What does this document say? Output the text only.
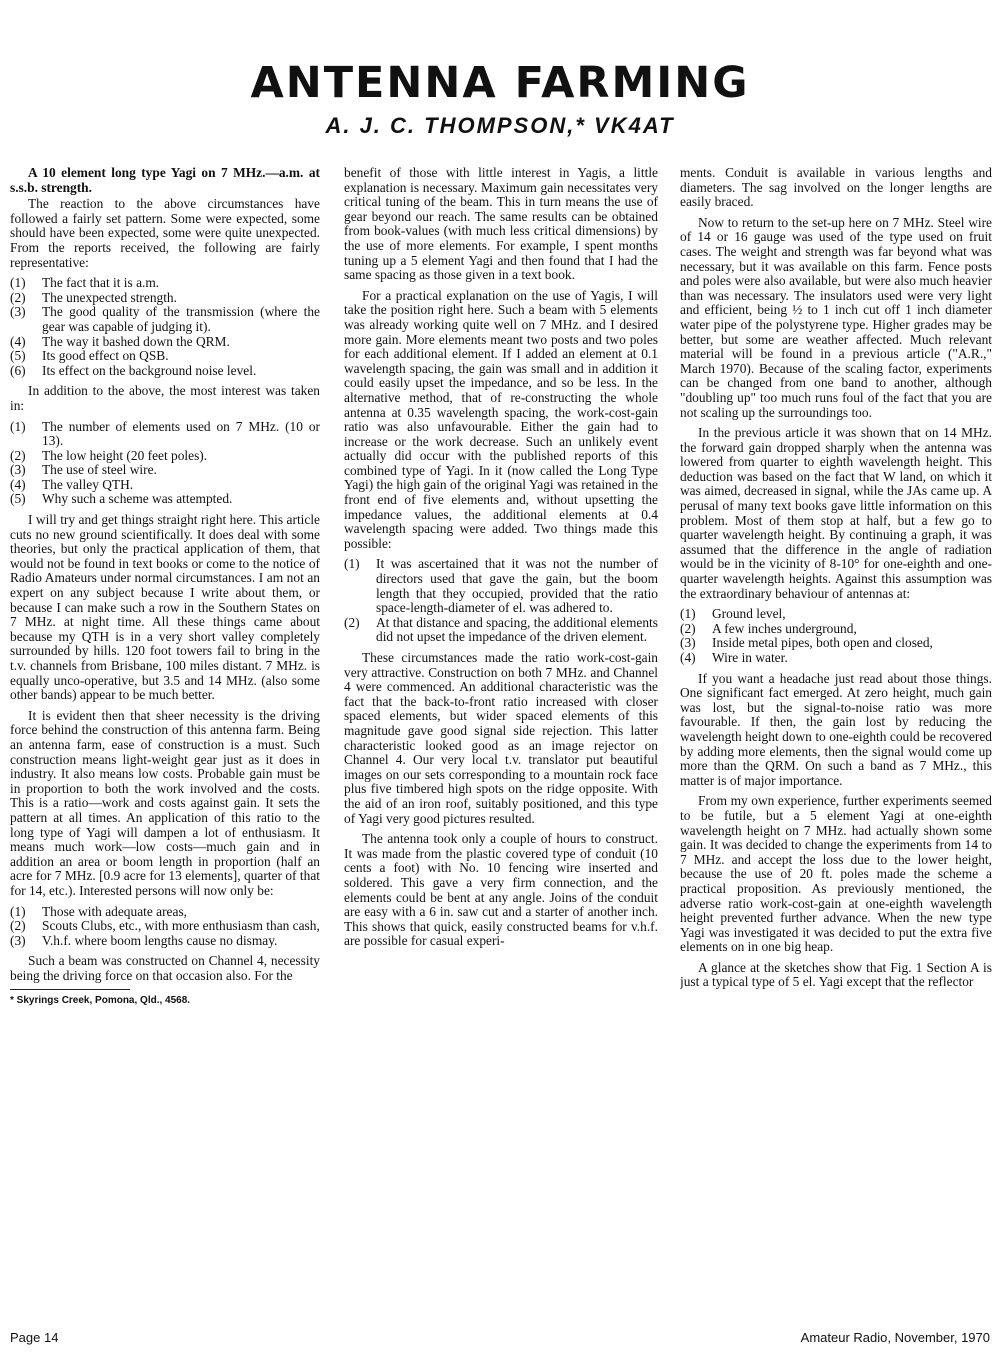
ANTENNA FARMING
A. J. C. THOMPSON,* VK4AT

A 10 element long type Yagi on 7 MHz.—a.m. at s.s.b. strength.

The reaction to the above circumstances have followed a fairly set pattern. Some were expected, some should have been expected, some were quite unexpected. From the reports received, the following are fairly representative:

(1)	The fact that it is a.m.
(2)	The unexpected strength.
(3)	The good quality of the transmission (where the gear was capable of judging it).
(4)	The way it bashed down the QRM.
(5)	Its good effect on QSB.
(6)	Its effect on the background noise level.

In addition to the above, the most interest was taken in:

(1)	The number of elements used on 7 MHz. (10 or 13).
(2)	The low height (20 feet poles).
(3)	The use of steel wire.
(4)	The valley QTH.
(5)	Why such a scheme was attempted.

I will try and get things straight right here. This article cuts no new ground scientifically. It does deal with some theories, but only the practical application of them, that would not be found in text books or come to the notice of Radio Amateurs under normal circumstances. I am not an expert on any subject because I write about them, or because I can make such a row in the Southern States on 7 MHz. at night time. All these things came about because my QTH is in a very short valley completely surrounded by hills. 120 foot towers fail to bring in the t.v. channels from Brisbane, 100 miles distant. 7 MHz. is equally unco-operative, but 3.5 and 14 MHz. (also some other bands) appear to be much better.

It is evident then that sheer necessity is the driving force behind the construction of this antenna farm. Being an antenna farm, ease of construction is a must. Such construction means light-weight gear just as it does in industry. It also means low costs. Probable gain must be in proportion to both the work involved and the costs. This is a ratio—work and costs against gain. It sets the pattern at all times. An application of this ratio to the long type of Yagi will dampen a lot of enthusiasm. It means much work—low costs—much gain and in addition an area or boom length in proportion (half an acre for 7 MHz. [0.9 acre for 13 elements], quarter of that for 14, etc.). Interested persons will now only be:

(1)	Those with adequate areas,
(2)	Scouts Clubs, etc., with more enthusiasm than cash,
(3)	V.h.f. where boom lengths cause no dismay.

Such a beam was constructed on Channel 4, necessity being the driving force on that occasion also. For the

* Skyrings Creek, Pomona, Qld., 4568.

benefit of those with little interest in Yagis, a little explanation is necessary. Maximum gain necessitates very critical tuning of the beam. This in turn means the use of gear beyond our reach. The same results can be obtained from book-values (with much less critical dimensions) by the use of more elements. For example, I spent months tuning up a 5 element Yagi and then found that I had the same spacing as those given in a text book.

For a practical explanation on the use of Yagis, I will take the position right here. Such a beam with 5 elements was already working quite well on 7 MHz. and I desired more gain. More elements meant two posts and two poles for each additional element. If I added an element at 0.1 wavelength spacing, the gain was small and in addition it could easily upset the impedance, and so be less. In the alternative method, that of re-constructing the whole antenna at 0.35 wavelength spacing, the work-cost-gain ratio was also unfavourable. Either the gain had to increase or the work decrease. Such an unlikely event actually did occur with the published reports of this combined type of Yagi. In it (now called the Long Type Yagi) the high gain of the original Yagi was retained in the front end of five elements and, without upsetting the impedance values, the additional elements at 0.4 wavelength spacing were added. Two things made this possible:

(1)	It was ascertained that it was not the number of directors used that gave the gain, but the boom length that they occupied, provided that the ratio space-length-diameter of el. was adhered to.
(2)	At that distance and spacing, the additional elements did not upset the impedance of the driven element.

These circumstances made the ratio work-cost-gain very attractive. Construction on both 7 MHz. and Channel 4 were commenced. An additional characteristic was the fact that the back-to-front ratio increased with closer spaced elements, but wider spaced elements of this magnitude gave good signal side rejection. This latter characteristic looked good as an image rejector on Channel 4. Our very local t.v. translator put beautiful images on our sets corresponding to a mountain rock face plus five timbered high spots on the ridge opposite. With the aid of an iron roof, suitably positioned, and this type of Yagi very good pictures resulted.

The antenna took only a couple of hours to construct. It was made from the plastic covered type of conduit (10 cents a foot) with No. 10 fencing wire inserted and soldered. This gave a very firm connection, and the elements could be bent at any angle. Joins of the conduit are easy with a 6 in. saw cut and a starter of another inch. This shows that quick, easily constructed beams for v.h.f. are possible for casual experi-

ments. Conduit is available in various lengths and diameters. The sag involved on the longer lengths are easily braced.

Now to return to the set-up here on 7 MHz. Steel wire of 14 or 16 gauge was used of the type used on fruit cases. The weight and strength was far beyond what was necessary, but it was available on this farm. Fence posts and poles were also available, but were also much heavier than was necessary. The insulators used were very light and efficient, being ½ to 1 inch cut off 1 inch diameter water pipe of the polystyrene type. Higher grades may be better, but some are weather affected. Much relevant material will be found in a previous article ("A.R.," March 1970). Because of the scaling factor, experiments can be changed from one band to another, although "doubling up" too much runs foul of the fact that you are not scaling up the surroundings too.

In the previous article it was shown that on 14 MHz. the forward gain dropped sharply when the antenna was lowered from quarter to eighth wavelength height. This deduction was based on the fact that W land, on which it was aimed, decreased in signal, while the JAs came up. A perusal of many text books gave little information on this problem. Most of them stop at half, but a few go to quarter wavelength height. By continuing a graph, it was assumed that the difference in the angle of radiation would be in the vicinity of 8-10° for one-eighth and one-quarter wavelength heights. Against this assumption was the extraordinary behaviour of antennas at:

(1)	Ground level,
(2)	A few inches underground,
(3)	Inside metal pipes, both open and closed,
(4)	Wire in water.

If you want a headache just read about those things. One significant fact emerged. At zero height, much gain was lost, but the signal-to-noise ratio was more favourable. If then, the gain lost by reducing the wavelength height down to one-eighth could be recovered by adding more elements, then the signal would come up more than the QRM. On such a band as 7 MHz., this matter is of major importance.

From my own experience, further experiments seemed to be futile, but a 5 element Yagi at one-eighth wavelength height on 7 MHz. had actually shown some gain. It was decided to change the experiments from 14 to 7 MHz. and accept the loss due to the lower height, because the use of 20 ft. poles made the scheme a practical proposition. As previously mentioned, the adverse ratio work-cost-gain at one-eighth wavelength height prevented further advance. When the new type Yagi was investigated it was decided to put the extra five elements on in one big heap.

A glance at the sketches show that Fig. 1 Section A is just a typical type of 5 el. Yagi except that the reflector

Page 14	Amateur Radio, November, 1970
